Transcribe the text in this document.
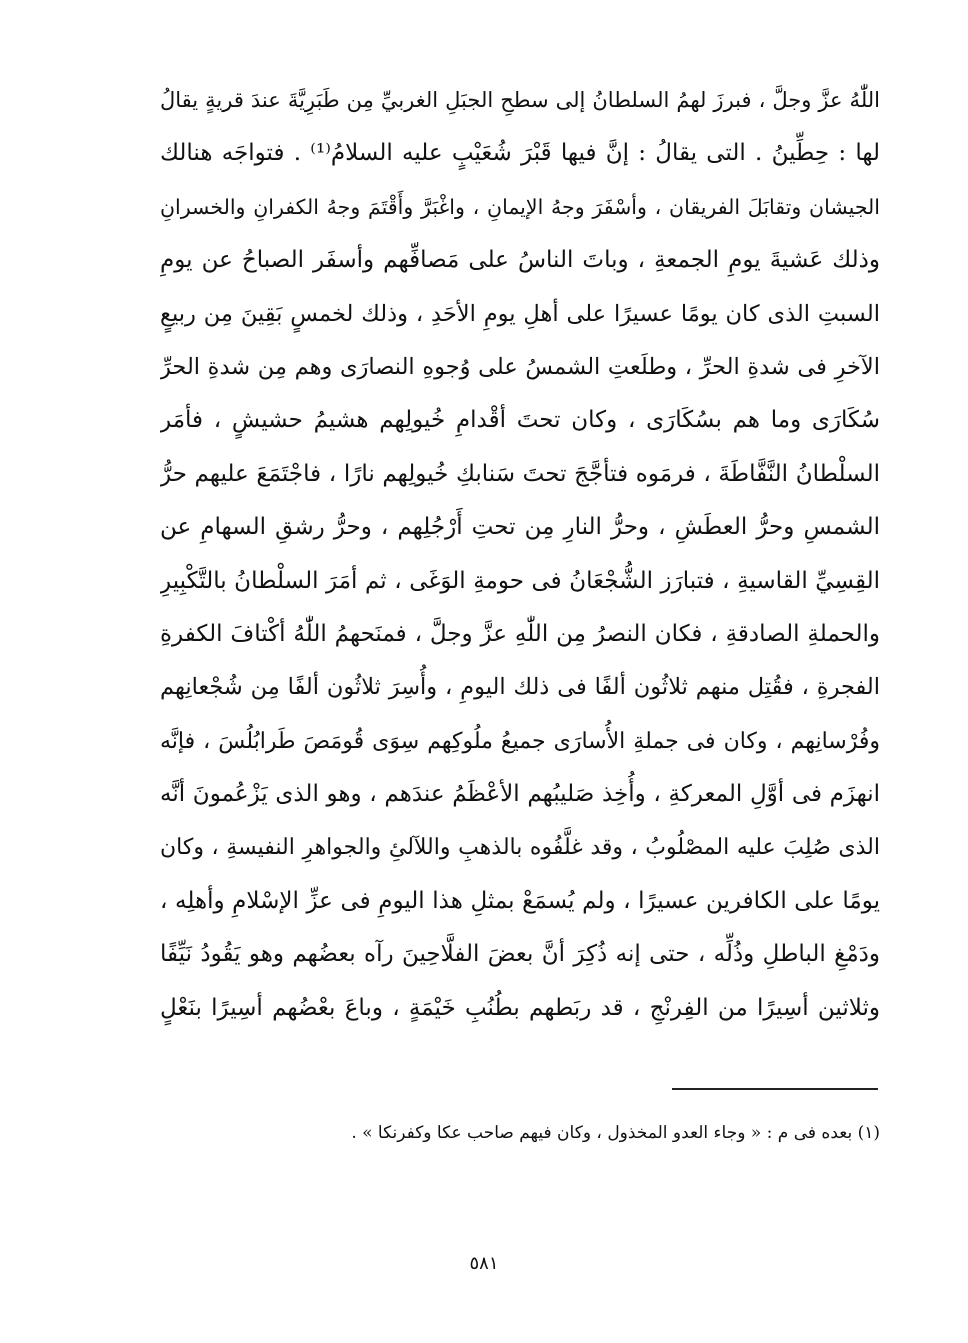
اللّٰهُ عزَّ وجلَّ ، فبرزَ لهمُ السلطانُ إلى سطحِ الجبَلِ الغربيِّ مِن طَبَرِيَّةَ عندَ قريةٍ يقالُ
لها : حِطِّينُ . التى يقالُ : إنَّ فيها قَبْرَ شُعَيْبٍ عليه السلامُ⁽¹⁾ . فتواجَه هنالك
الجيشان وتقابَلَ الفريقان ، وأسْفَرَ وجهُ الإيمانِ ، واغْبَرَّ وأَقْتَمَ وجهُ الكفرانِ والخسرانِ
وذلك عَشيةَ يومِ الجمعةِ ، وباتَ الناسُ على مَصافِّهم وأسفَر الصباحُ عن يومِ
السبتِ الذى كان يومًا عسيرًا على أهلِ يومِ الأحَدِ ، وذلك لخمسٍ بَقِينَ مِن ربيعٍ
الآخرِ فى شدةِ الحرِّ ، وطلَعتِ الشمسُ على وُجوهِ النصارَى وهم مِن شدةِ الحرِّ
سُكَارَى وما هم بسُكَارَى ، وكان تحتَ أقْدامِ خُيولِهم هشيمُ حشيشٍ ، فأمَر
السلْطانُ النَّفَّاطَةَ ، فرمَوه فتأجَّجَ تحتَ سَنابكِ خُيولِهم نارًا ، فاجْتَمَعَ عليهم حرُّ
الشمسِ وحرُّ العطَشِ ، وحرُّ النارِ مِن تحتِ أَرْجُلِهم ، وحرُّ رشقِ السهامِ عن
القِسِيِّ القاسيةِ ، فتبارَز الشُّجْعَانُ فى حومةِ الوَغَى ، ثم أمَرَ السلْطانُ بالتَّكْبِيرِ
والحملةِ الصادقةِ ، فكان النصرُ مِن اللّٰهِ عزَّ وجلَّ ، فمنَحهمُ اللّٰهُ أكْتافَ الكفرةِ
الفجرةِ ، فقُتِل منهم ثلاثُون ألفًا فى ذلك اليومِ ، وأُسِرَ ثلاثُون ألفًا مِن شُجْعانِهم
وفُرْسانِهم ، وكان فى جملةِ الأُسارَى جميعُ ملُوكِهم سِوَى قُومَصَ طَرابُلُسَ ، فإنَّه
انهزَم فى أوَّلِ المعركةِ ، وأُخِذ صَليبُهم الأعْظَمُ عندَهم ، وهو الذى يَزْعُمونَ أنَّه
الذى صُلِبَ عليه المصْلُوبُ ، وقد غلَّفُوه بالذهبِ واللآلئِ والجواهرِ النفيسةِ ، وكان
يومًا على الكافرين عسيرًا ، ولم يُسمَعْ بمثلِ هذا اليومِ فى عزِّ الإسْلامِ وأهلِه ،
ودَمْغِ الباطلِ وذُلِّه ، حتى إنه ذُكِرَ أنَّ بعضَ الفلَّاحِينَ رآه بعضُهم وهو يَقُودُ نَيِّفًا
وثلاثين أسِيرًا من الفِرنْجِ ، قد ربَطهم بطُنُبِ خَيْمَةٍ ، وباعَ بعْضُهم أسِيرًا بنَعْلٍ
(١) بعده فى م : « وجاء العدو المخذول ، وكان فيهم صاحب عكا وكفرنكا » .
٥٨١
